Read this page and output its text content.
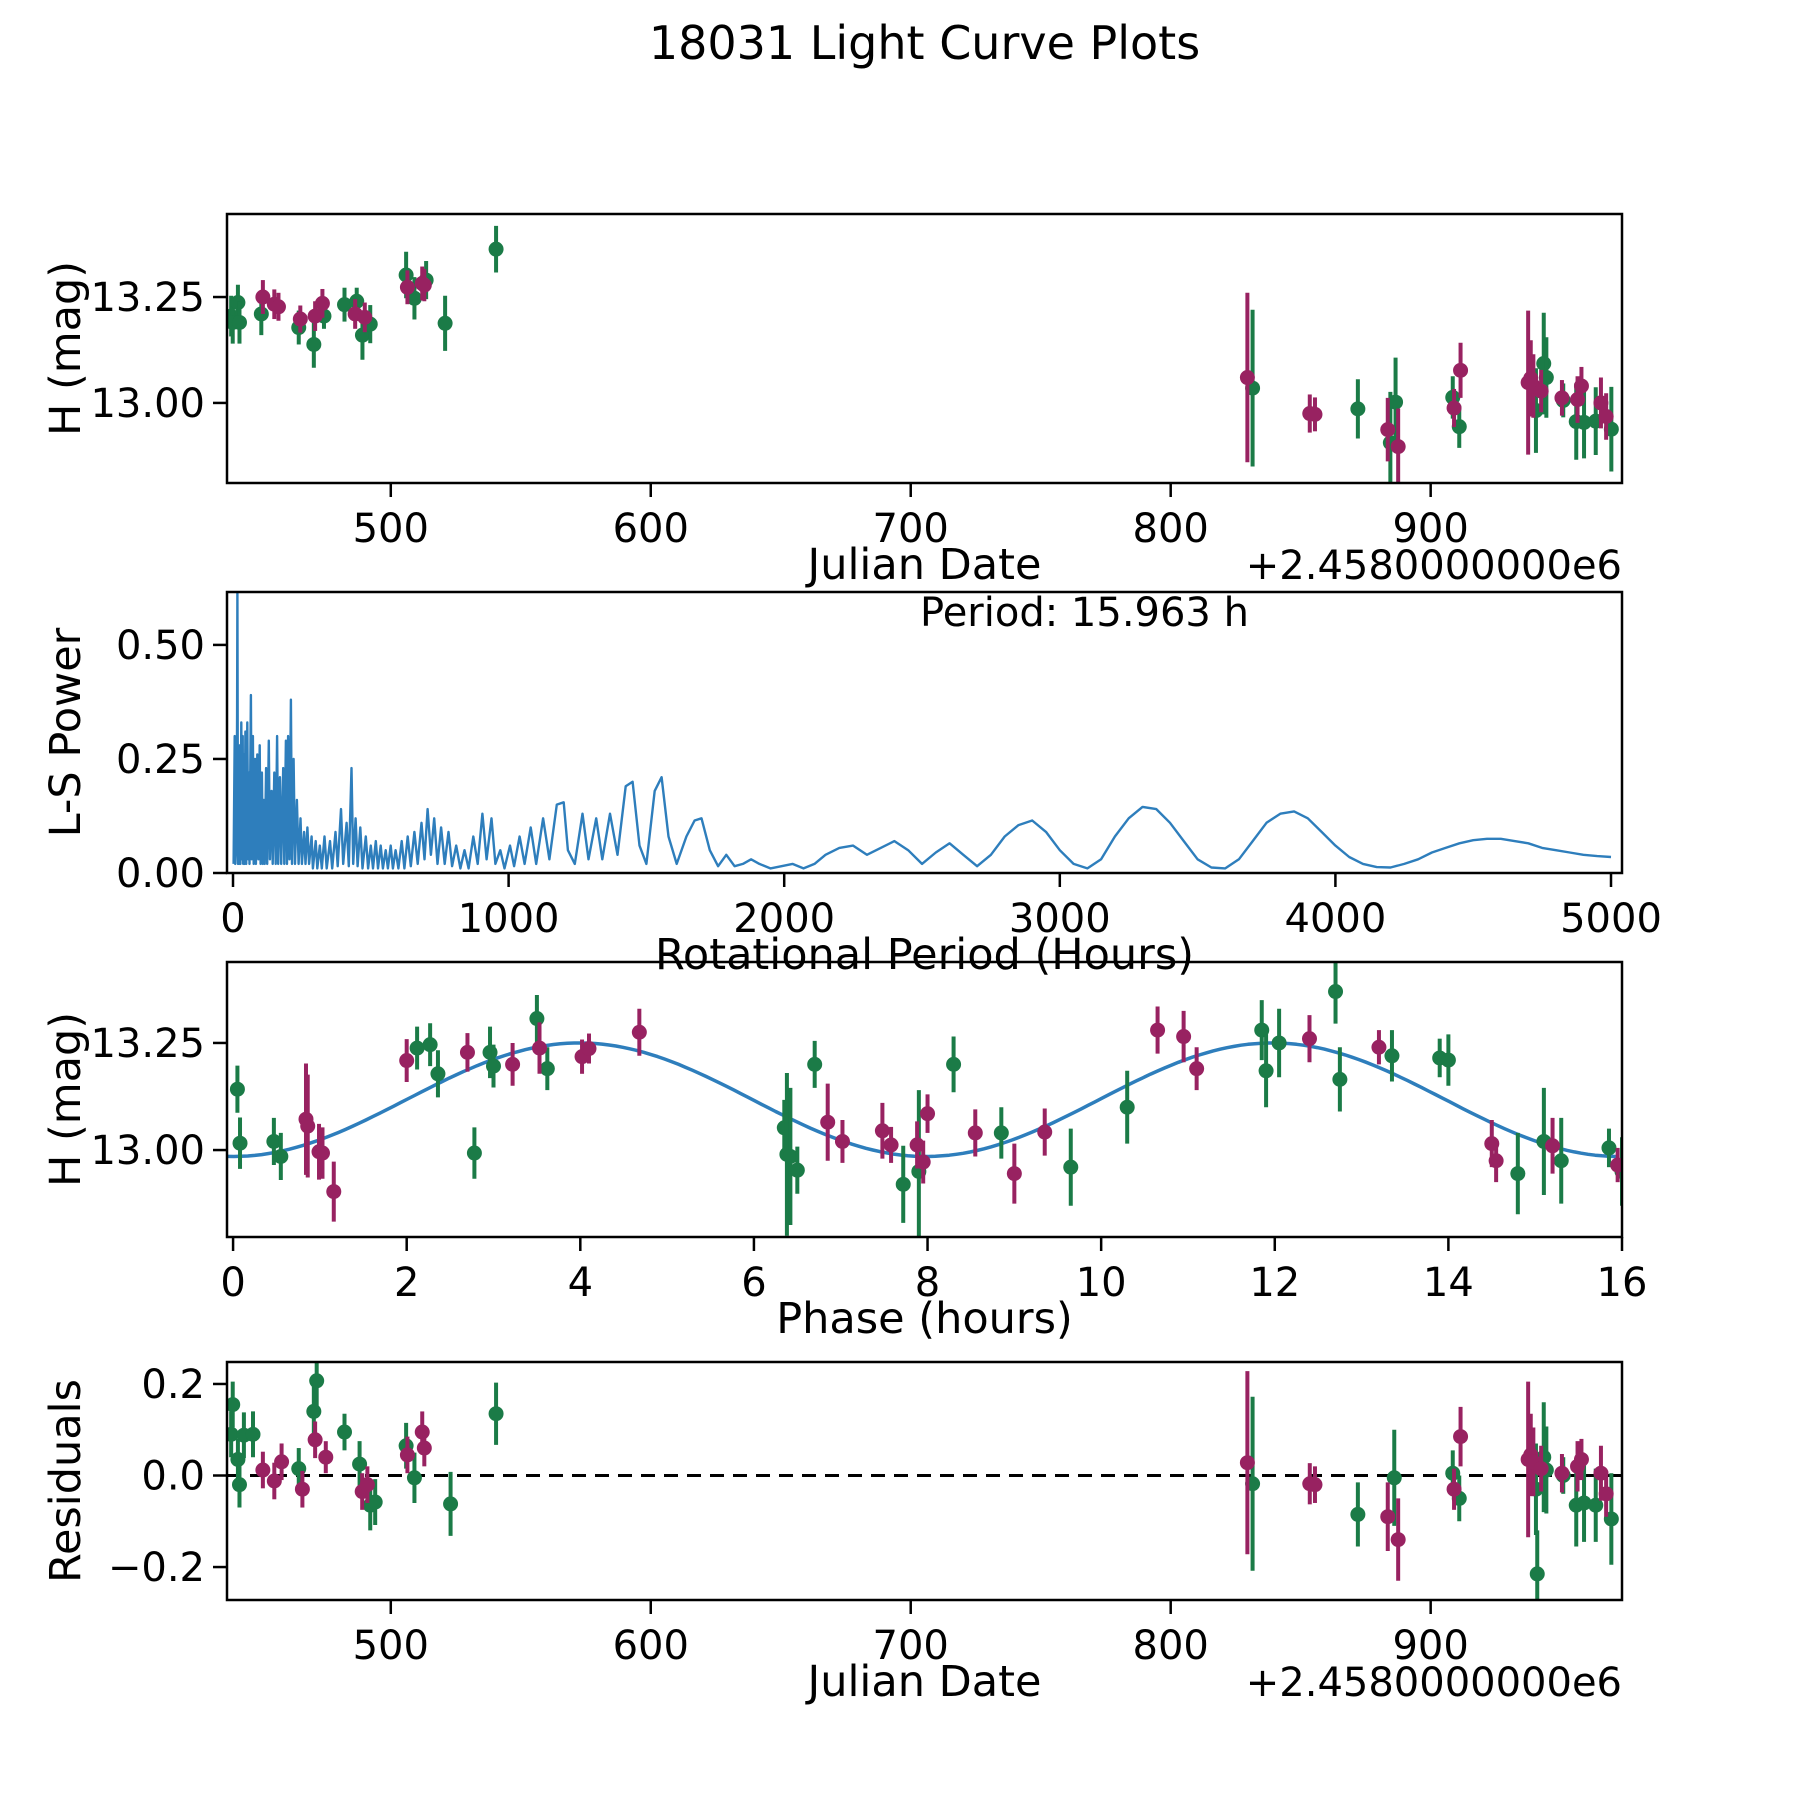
18031 Light Curve Plots
500	600	700	800	900
Julian Date	+2.4580000000e6
13.00
13.25
H (mag)
0	1000	2000	3000	4000	5000
Rotational Period (Hours)
0.00
0.25
0.50
L-S Power
Period: 15.963 h
0	2	4	6	8	10	12	14	16
Phase (hours)
13.00
13.25
H (mag)
500	600	700	800	900
Julian Date	+2.4580000000e6
−0.2
0.0
0.2
Residuals
